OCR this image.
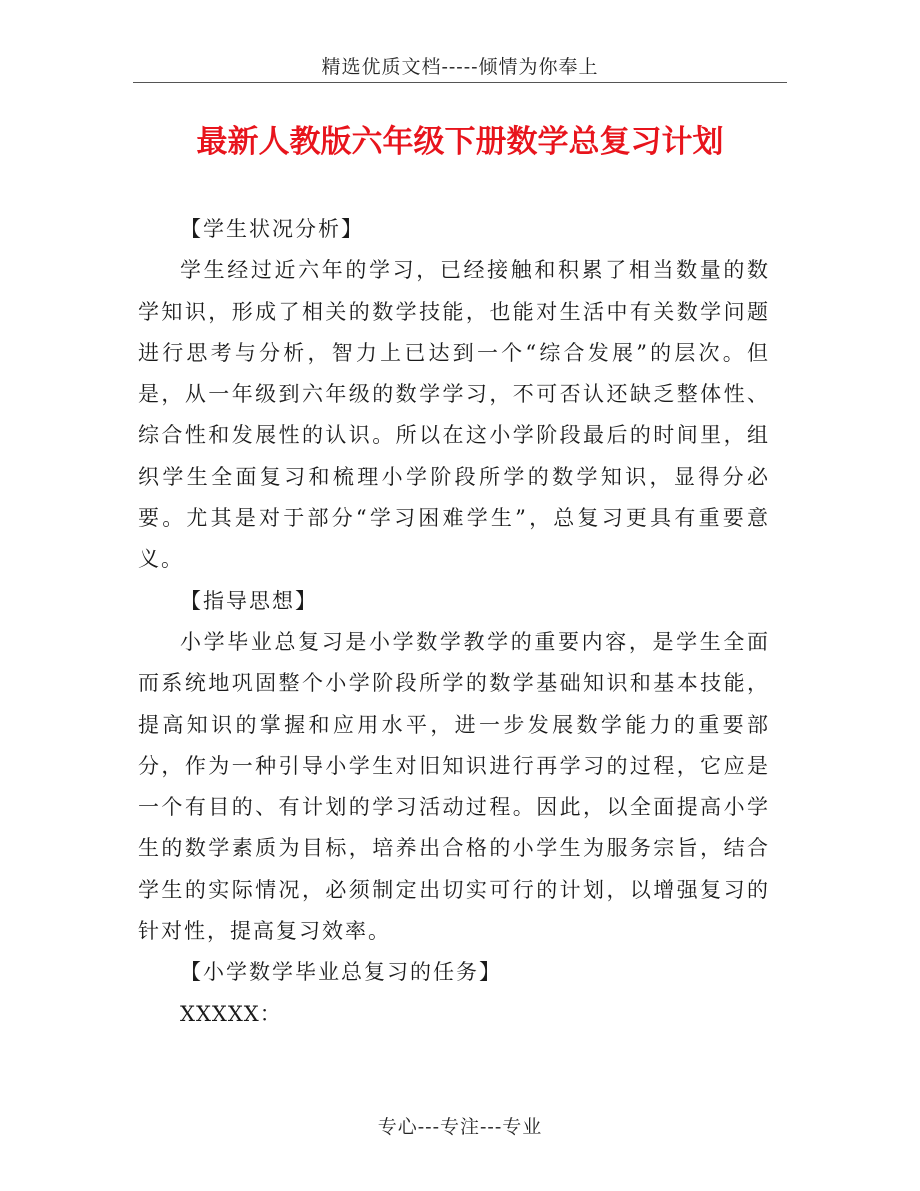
精选优质文档-----倾情为你奉上
最新人教版六年级下册数学总复习计划

【学生状况分析】

学生经过近六年的学习，已经接触和积累了相当数量的数学知识，形成了相关的数学技能，也能对生活中有关数学问题进行思考与分析，智力上已达到一个“综合发展”的层次。但是，从一年级到六年级的数学学习，不可否认还缺乏整体性、综合性和发展性的认识。所以在这小学阶段最后的时间里，组织学生全面复习和梳理小学阶段所学的数学知识，显得分必要。尤其是对于部分“学习困难学生”，总复习更具有重要意义。

【指导思想】

小学毕业总复习是小学数学教学的重要内容，是学生全面而系统地巩固整个小学阶段所学的数学基础知识和基本技能，提高知识的掌握和应用水平，进一步发展数学能力的重要部分，作为一种引导小学生对旧知识进行再学习的过程，它应是一个有目的、有计划的学习活动过程。因此，以全面提高小学生的数学素质为目标，培养出合格的小学生为服务宗旨，结合学生的实际情况，必须制定出切实可行的计划，以增强复习的针对性，提高复习效率。

【小学数学毕业总复习的任务】

XXXXX：

专心---专注---专业
